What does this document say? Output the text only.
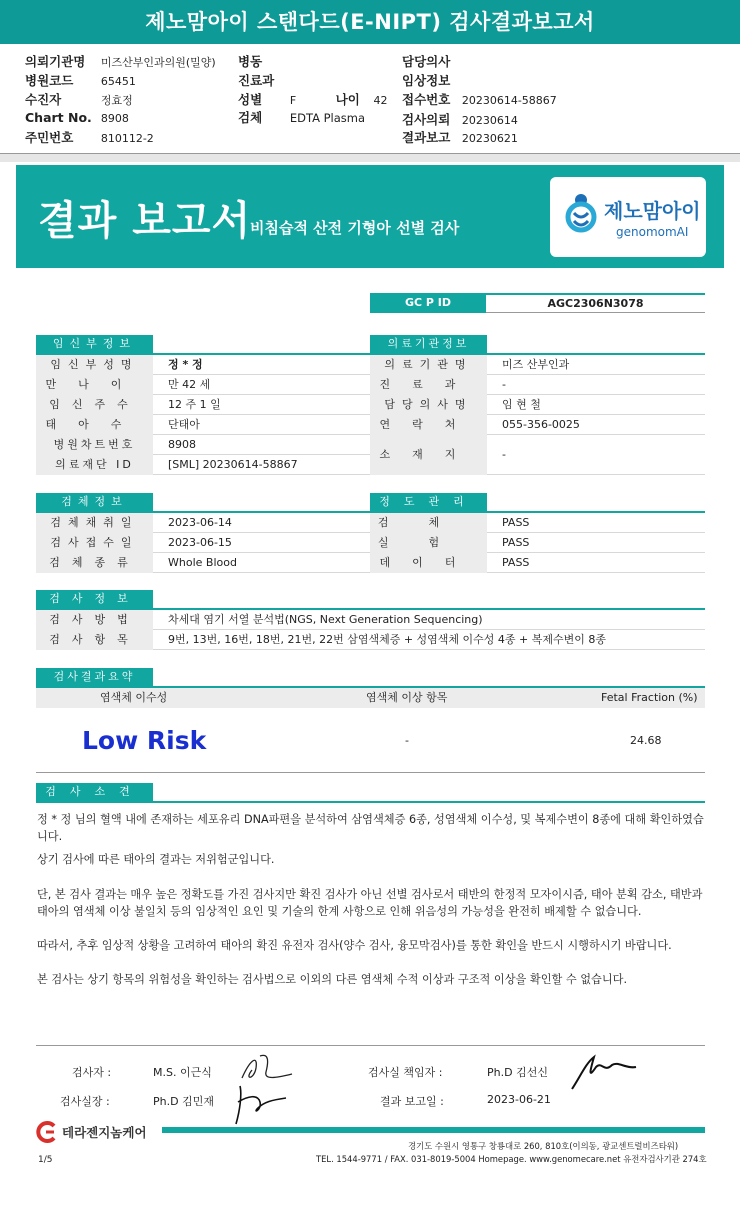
제노맘아이 스탠다드(E-NIPT) 검사결과보고서
의뢰기관명 미즈산부인과의원(밀양)
병원코드	65451
수진자	정효정
Chart No. 8908
주민번호	810112-2
병동
진료과
성별	F	나이 42
검체 EDTA Plasma
담당의사
임상정보
접수번호 20230614-58867
검사의뢰 20230614
결과보고 20230621
결과 보고서
비침습적 산전 기형아 선별 검사
제노맘아이
genomomAI
GC P ID	AGC2306N3078
임신부정보
임신부성명	정 * 정
만나이	만 42 세
임신주수	12 주 1 일
태아수	단태아
병원차트번호	8908
의료재단 ID	[SML] 20230614-58867
의료기관정보
의료기관명	미즈 산부인과
진료과	-
담당의사명	임 현 철
연락처	055-356-0025
소재지	-
검체정보
검체채취일	2023-06-14
검사접수일	2023-06-15
검체종류	Whole Blood
정도관리
검체	PASS
실험	PASS
데이터	PASS
검사정보
검사방법	차세대 염기 서열 분석법(NGS, Next Generation Sequencing)
검사항목	9번, 13번, 16번, 18번, 21번, 22번 삼염색체증 + 성염색체 이수성 4종 + 복제수변이 8종
검사결과요약
염색체 이수성	염색체 이상 항목	Fetal Fraction (%)
Low Risk	-	24.68
검사소견
정 * 정 님의 혈액 내에 존재하는 세포유리 DNA파편을 분석하여 삼염색체증 6종, 성염색체 이수성, 및 복제수변이 8종에 대해 확인하였습니다.
상기 검사에 따른 태아의 결과는 저위험군입니다.
단, 본 검사 결과는 매우 높은 정확도를 가진 검사지만 확진 검사가 아닌 선별 검사로서 태반의 한정적 모자이시즘, 태아 분획 감소, 태반과 태아의 염색체 이상 불일치 등의 임상적인 요인 및 기술의 한계 사항으로 인해 위음성의 가능성을 완전히 배제할 수 없습니다.
따라서, 추후 임상적 상황을 고려하여 태아의 확진 유전자 검사(양수 검사, 융모막검사)를 통한 확인을 반드시 시행하시기 바랍니다.
본 검사는 상기 항목의 위험성을 확인하는 검사법으로 이외의 다른 염색체 수적 이상과 구조적 이상을 확인할 수 없습니다.
검사자 :	M.S. 이근식	검사실 책임자 :	Ph.D 김선신
검사실장 :	Ph.D 김민재	결과 보고일 :	2023-06-21
테라젠지놈케어
경기도 수원시 영통구 창룡대로 260, 810호(이의동, 광교센트럴비즈타워)
TEL. 1544-9771 / FAX. 031-8019-5004 Homepage. www.genomecare.net 유전자검사기관 274호
1/5
